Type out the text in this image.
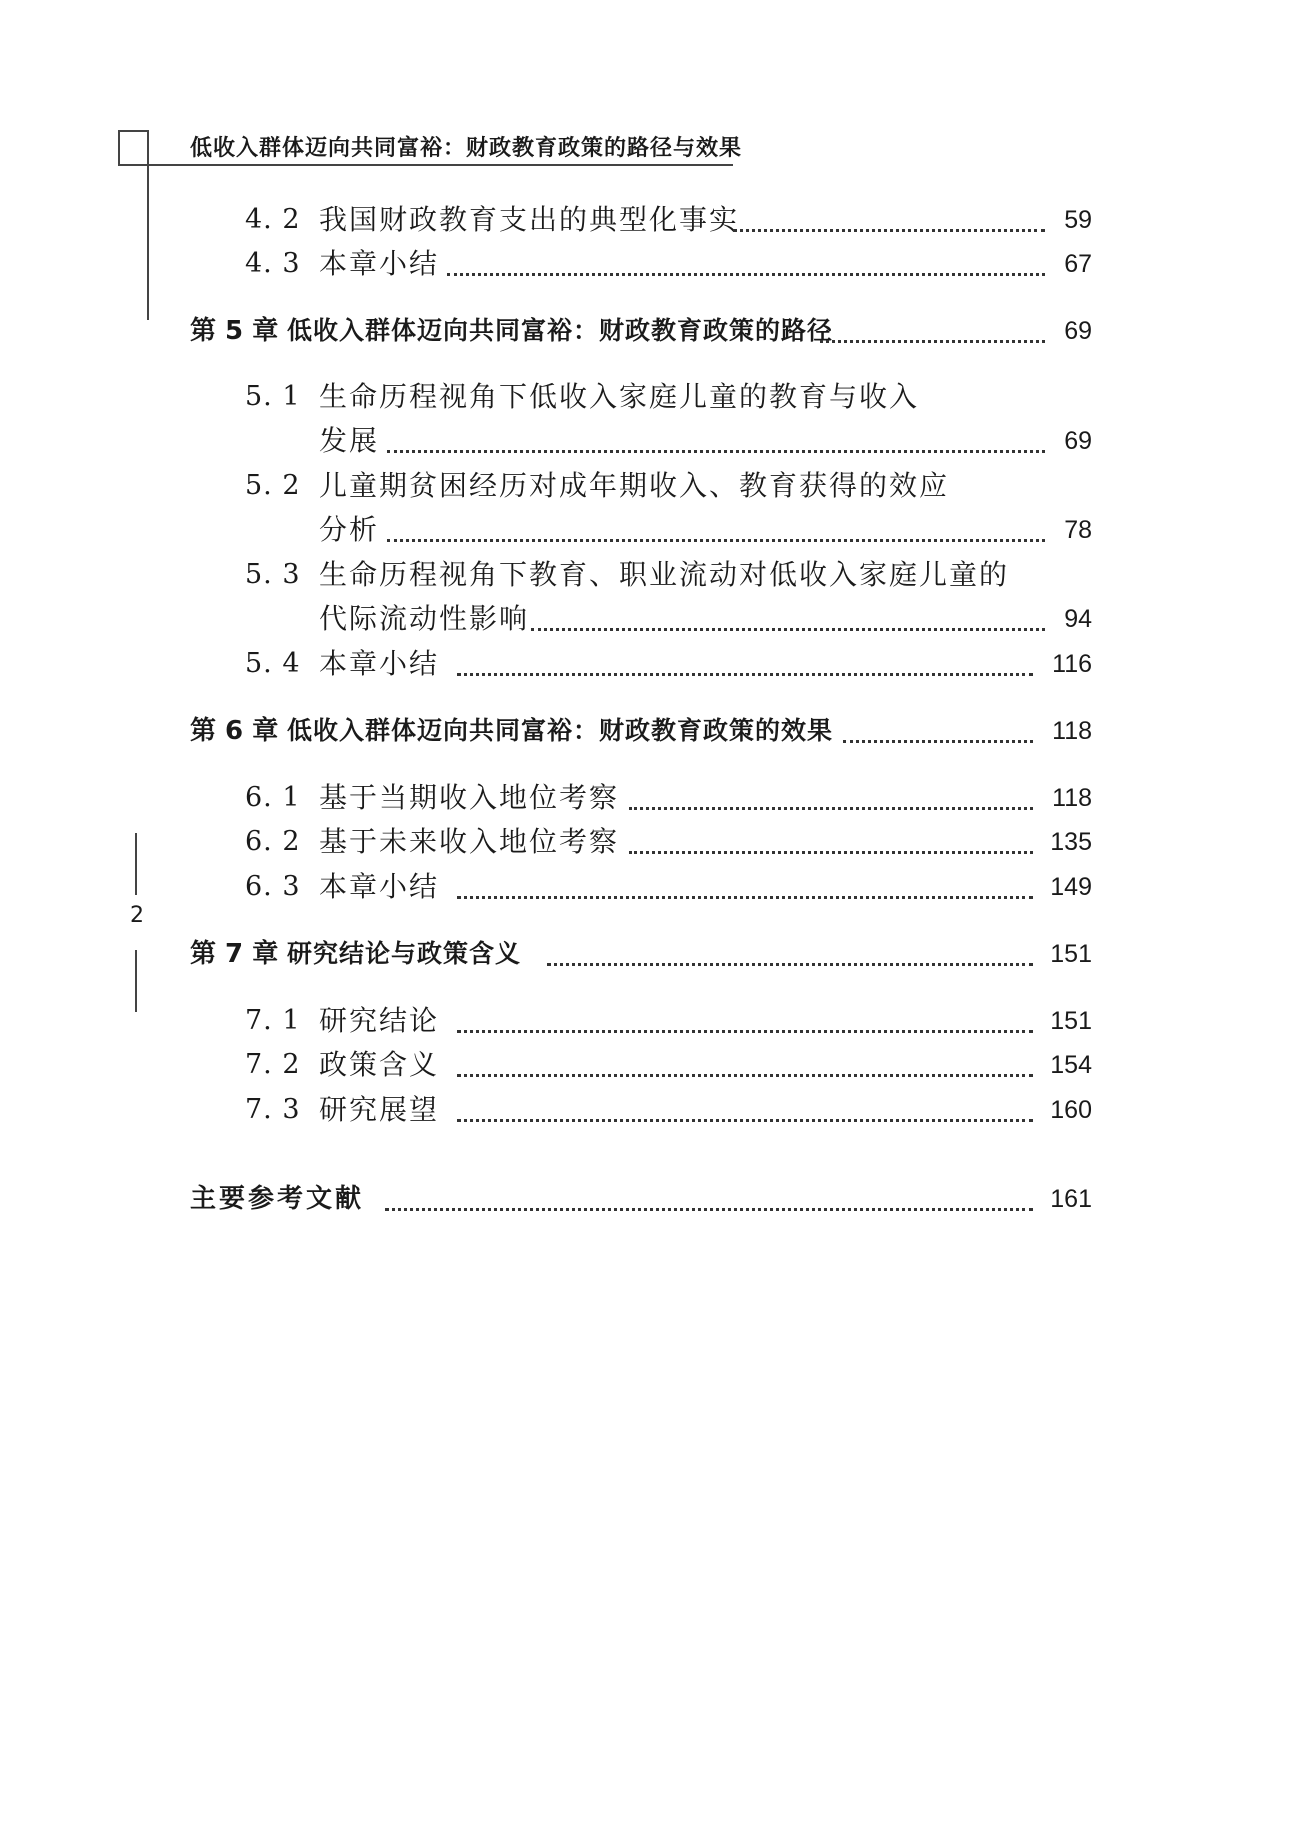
低收入群体迈向共同富裕：财政教育政策的路径与效果
2
4. 2 我国财政教育支出的典型化事实	59
4. 3 本章小结	67
第 5 章 低收入群体迈向共同富裕：财政教育政策的路径	69
5. 1 生命历程视角下低收入家庭儿童的教育与收入
发展	69
5. 2 儿童期贫困经历对成年期收入、教育获得的效应
分析	78
5. 3 生命历程视角下教育、职业流动对低收入家庭儿童的
代际流动性影响	94
5. 4 本章小结	116
第 6 章 低收入群体迈向共同富裕：财政教育政策的效果	118
6. 1 基于当期收入地位考察	118
6. 2 基于未来收入地位考察	135
6. 3 本章小结	149
第 7 章 研究结论与政策含义	151
7. 1 研究结论	151
7. 2 政策含义	154
7. 3 研究展望	160
主要参考文献	161
